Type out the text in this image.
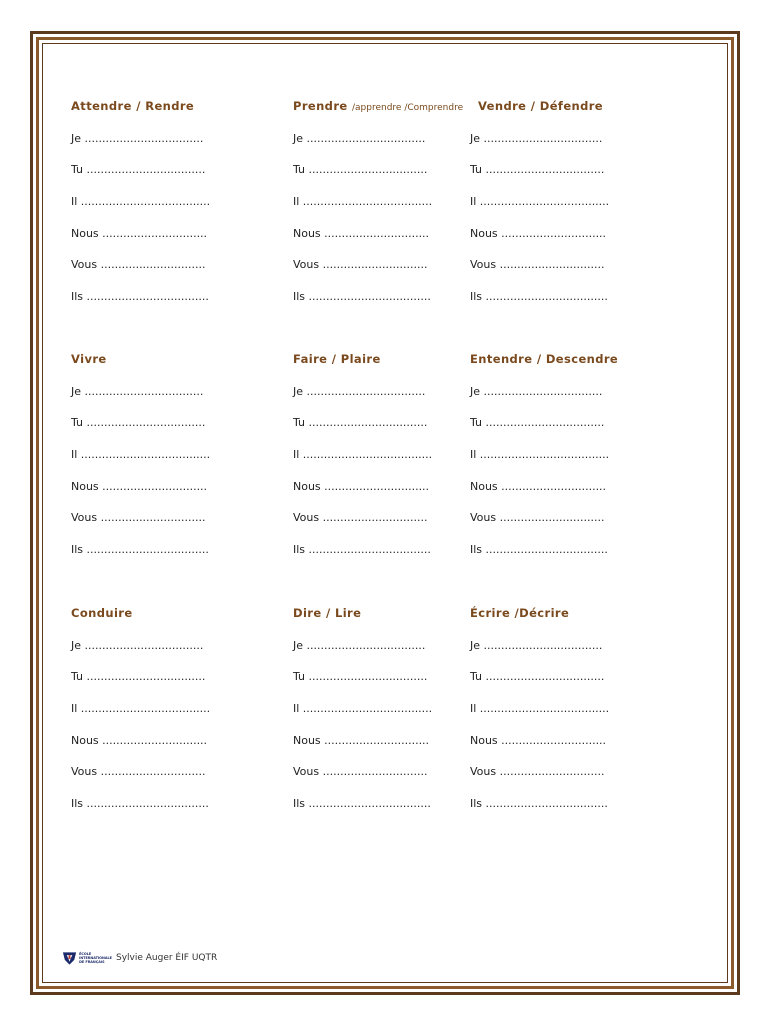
Attendre / Rendre
Je ..................................
Tu ..................................
Il .....................................
Nous ..............................
Vous ..............................
Ils ...................................
Prendre /apprendre /Comprendre
Je ..................................
Tu ..................................
Il .....................................
Nous ..............................
Vous ..............................
Ils ...................................
Vendre / Défendre
Je ..................................
Tu ..................................
Il .....................................
Nous ..............................
Vous ..............................
Ils ...................................
Vivre
Je ..................................
Tu ..................................
Il .....................................
Nous ..............................
Vous ..............................
Ils ...................................
Faire / Plaire
Je ..................................
Tu ..................................
Il .....................................
Nous ..............................
Vous ..............................
Ils ...................................
Entendre / Descendre
Je ..................................
Tu ..................................
Il .....................................
Nous ..............................
Vous ..............................
Ils ...................................
Conduire
Je ..................................
Tu ..................................
Il .....................................
Nous ..............................
Vous ..............................
Ils ...................................
Dire / Lire
Je ..................................
Tu ..................................
Il .....................................
Nous ..............................
Vous ..............................
Ils ...................................
Écrire /Décrire
Je ..................................
Tu ..................................
Il .....................................
Nous ..............................
Vous ..............................
Ils ...................................
ÉCOLE
INTERNATIONALE
DE FRANÇAIS	Sylvie Auger ÉIF UQTR
